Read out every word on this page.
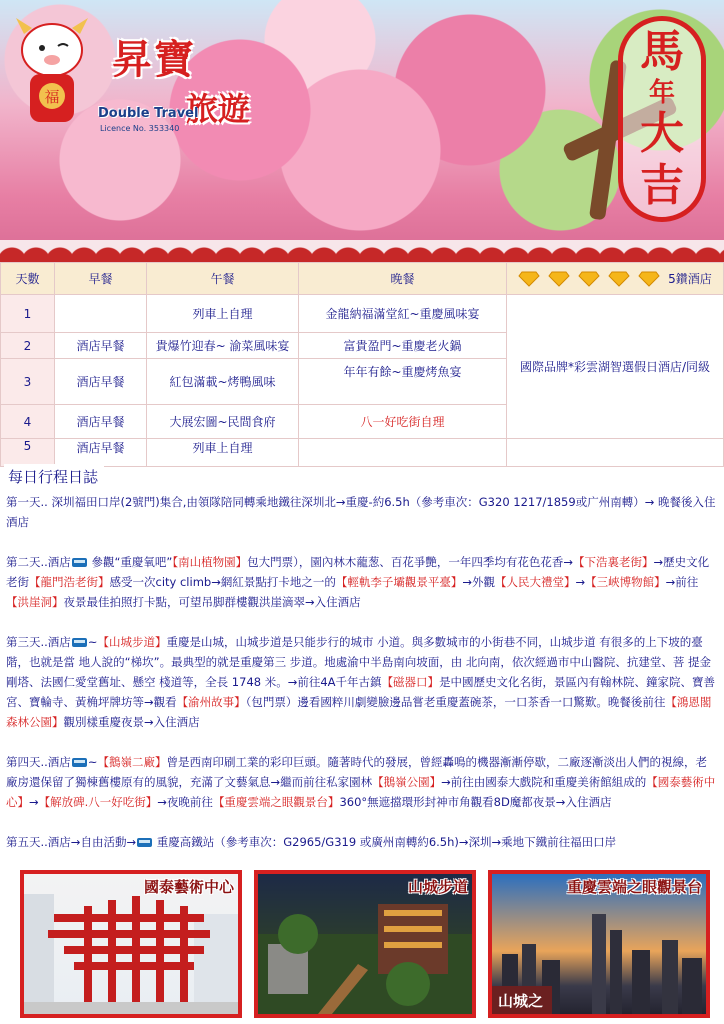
福
昇寶
旅遊
Double Travel
Licence No. 353340
馬
年
大
吉
天數	早餐	午餐	晚餐	5鑽酒店

1		列車上自理	金龍納福滿堂紅~重慶風味宴	國際品牌*彩雲湖智選假日酒店/同級
2	酒店早餐	貴爆竹迎春~ 渝菜風味宴	富貴盈門~重慶老火鍋	
3	酒店早餐	紅包滿載~烤鴨風味	年年有餘~重慶烤魚宴	
4	酒店早餐	大展宏圖~民間食府	八一好吃街自理	
5	酒店早餐	列車上自理		
每日行程日誌

第一天.. 深圳福田口岸(2號門)集合,由領隊陪同轉乘地鐵往深圳北→重慶-約6.5h（參考車次：G320 1217/1859或广州南轉）→ 晚餐後入住酒店

第二天..酒店 參觀“重慶氧吧”【南山植物園】包大門票），園內林木蘢葱、百花爭艷，一年四季均有花色花香→【下浩裏老街】→歷史文化老街【龍門浩老街】感受一次city climb→網紅景點打卡地之一的【輕軌李子壩觀景平臺】→外觀【人民大禮堂】→【三峽博物館】→前往【洪崖洞】夜景最佳拍照打卡點，可望吊脚群樓觀洪崖滴翠→入住酒店

第三天..酒店 ~【山城步道】重慶是山城，山城步道是只能步行的城市 小道。與多數城市的小街巷不同，山城步道 有很多的上下坡的臺階，也就是當 地人說的“梯坎”。最典型的就是重慶第三 步道。地處渝中半島南向坡面，由 北向南，依次經過市中山醫院、抗建堂、菩 提金剛塔、法國仁愛堂舊址、懸空 棧道等，全長 1748 米。→前往4A千年古鎮【磁器口】是中國歷史文化名街，景區內有翰林院、鐘家院、寶善宮、寶輪寺、黃桷坪牌坊等→觀看【渝州故事】（包門票）邊看國粹川劇變臉邊品嘗老重慶蓋碗茶，一口茶香一口驚歎。晚餐後前往【鴻恩閣森林公園】觀別樣重慶夜景→入住酒店

第四天..酒店 ~【鵝嶺二廠】曾是西南印刷工業的彩印巨頭。隨著時代的發展，曾經轟鳴的機器漸漸停歇，二廠逐漸淡出人們的視線，老廠房還保留了獨棟舊樓原有的風貌，充滿了文藝氣息→繼而前往私家園林【鵝嶺公園】→前往由國泰大戲院和重慶美術館組成的【國泰藝術中心】→【解放碑.八一好吃街】→夜晚前往【重慶雲端之眼觀景台】360°無遮擋環形封神市角觀看8D魔都夜景→入住酒店

第五天..酒店→自由活動→ 重慶高鐵站（參考車次：G2965/G319 或廣州南轉約6.5h)→深圳→乘地下鐵前往福田口岸

國泰藝術中心	山城步道
山城之
重慶雲端之眼觀景台
